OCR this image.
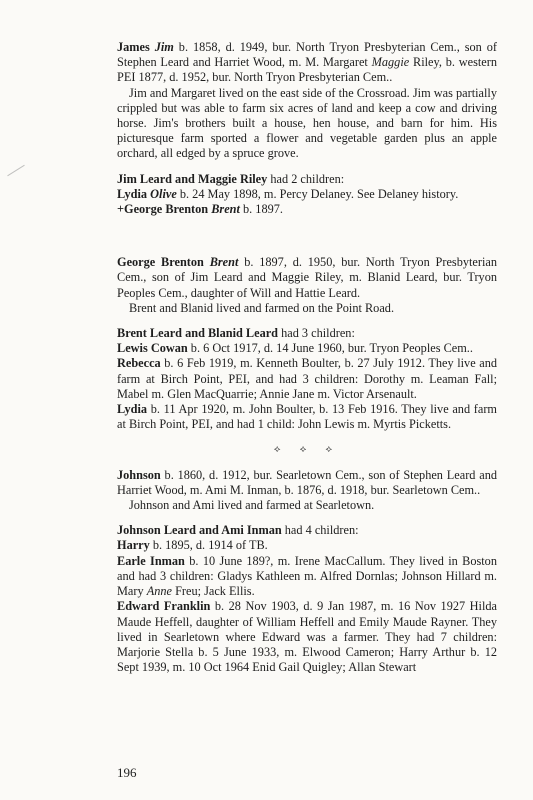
James Jim b. 1858, d. 1949, bur. North Tryon Presbyterian Cem., son of Stephen Leard and Harriet Wood, m. M. Margaret Maggie Riley, b. western PEI 1877, d. 1952, bur. North Tryon Presbyterian Cem..

Jim and Margaret lived on the east side of the Crossroad. Jim was partially crippled but was able to farm six acres of land and keep a cow and driving horse. Jim's brothers built a house, hen house, and barn for him. His picturesque farm sported a flower and vegetable garden plus an apple orchard, all edged by a spruce grove.

Jim Leard and Maggie Riley had 2 children:

Lydia Olive b. 24 May 1898, m. Percy Delaney. See Delaney history.

+George Brenton Brent b. 1897.

George Brenton Brent b. 1897, d. 1950, bur. North Tryon Presbyterian Cem., son of Jim Leard and Maggie Riley, m. Blanid Leard, bur. Tryon Peoples Cem., daughter of Will and Hattie Leard.

Brent and Blanid lived and farmed on the Point Road.

Brent Leard and Blanid Leard had 3 children:

Lewis Cowan b. 6 Oct 1917, d. 14 June 1960, bur. Tryon Peoples Cem..

Rebecca b. 6 Feb 1919, m. Kenneth Boulter, b. 27 July 1912. They live and farm at Birch Point, PEI, and had 3 children: Dorothy m. Leaman Fall; Mabel m. Glen MacQuarrie; Annie Jane m. Victor Arsenault.

Lydia b. 11 Apr 1920, m. John Boulter, b. 13 Feb 1916. They live and farm at Birch Point, PEI, and had 1 child: John Lewis m. Myrtis Picketts.

⟡ ⟡ ⟡

Johnson b. 1860, d. 1912, bur. Searletown Cem., son of Stephen Leard and Harriet Wood, m. Ami M. Inman, b. 1876, d. 1918, bur. Searletown Cem..

Johnson and Ami lived and farmed at Searletown.

Johnson Leard and Ami Inman had 4 children:

Harry b. 1895, d. 1914 of TB.

Earle Inman b. 10 June 189?, m. Irene MacCallum. They lived in Boston and had 3 children: Gladys Kathleen m. Alfred Dornlas; Johnson Hillard m. Mary Anne Freu; Jack Ellis.

Edward Franklin b. 28 Nov 1903, d. 9 Jan 1987, m. 16 Nov 1927 Hilda Maude Heffell, daughter of William Heffell and Emily Maude Rayner. They lived in Searletown where Edward was a farmer. They had 7 children: Marjorie Stella b. 5 June 1933, m. Elwood Cameron; Harry Arthur b. 12 Sept 1939, m. 10 Oct 1964 Enid Gail Quigley; Allan Stewart

196
